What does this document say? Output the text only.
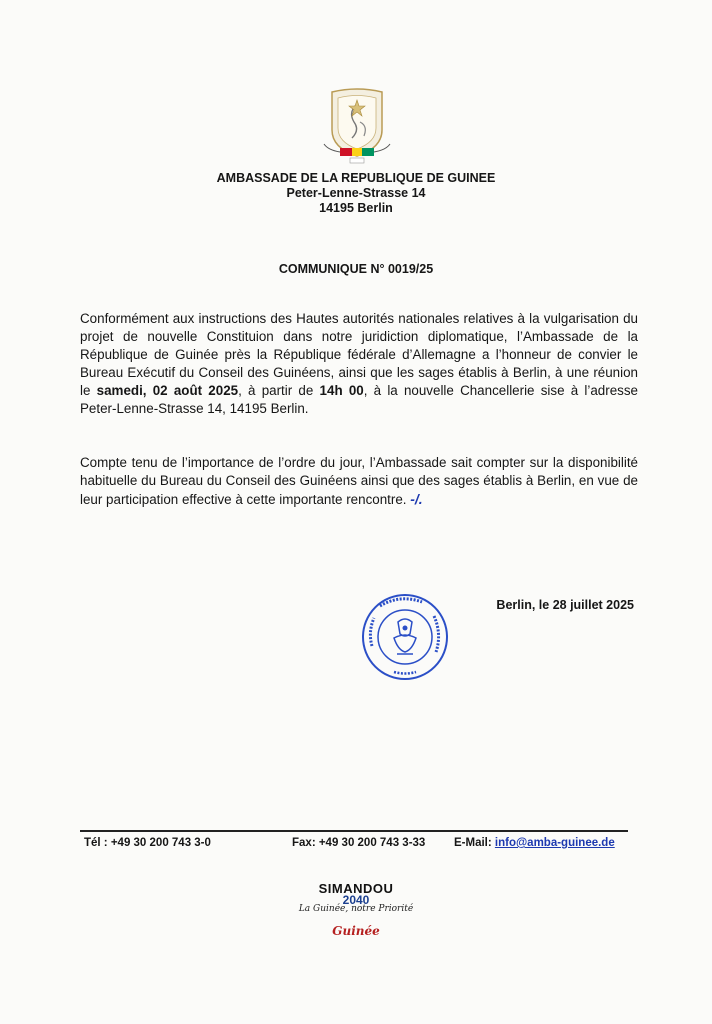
AMBASSADE DE LA REPUBLIQUE DE GUINEE
Peter-Lenne-Strasse 14
14195 Berlin
COMMUNIQUE N° 0019/25
Conformément aux instructions des Hautes autorités nationales relatives à la vulgarisation du projet de nouvelle Constituion dans notre juridiction diplomatique, l’Ambassade de la République de Guinée près la République fédérale d’Allemagne a l’honneur de convier le Bureau Exécutif du Conseil des Guinéens, ainsi que les sages établis à Berlin, à une réunion le samedi, 02 août 2025, à partir de 14h 00, à la nouvelle Chancellerie sise à l’adresse Peter-Lenne-Strasse 14, 14195 Berlin.
Compte tenu de l’importance de l’ordre du jour, l’Ambassade sait compter sur la disponibilité habituelle du Bureau du Conseil des Guinéens ainsi que des sages établis à Berlin, en vue de leur participation effective à cette importante rencontre. -/.
Berlin, le 28 juillet 2025
Tél : +49 30 200 743 3-0	Fax: +49 30 200 743 3-33 E-Mail: info@amba-guinee.de
SIMANDOU
2040
La Guinée, notre Priorité
Guinée
